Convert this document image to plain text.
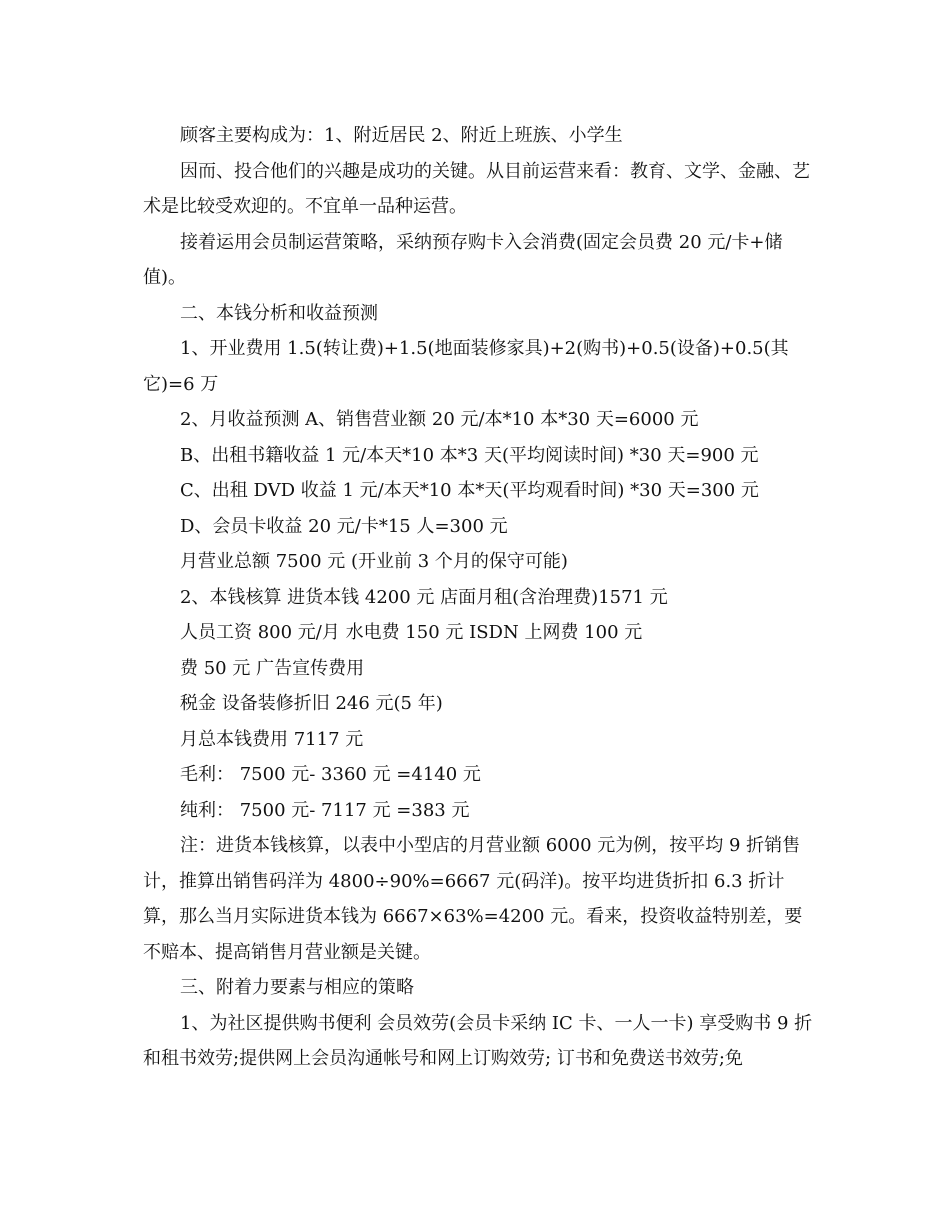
顾客主要构成为：1、附近居民 2、附近上班族、小学生

因而、投合他们的兴趣是成功的关键。从目前运营来看：教育、文学、金融、艺术是比较受欢迎的。不宜单一品种运营。

接着运用会员制运营策略，采纳预存购卡入会消费(固定会员费 20 元/卡+储值)。

二、本钱分析和收益预测

1、开业费用 1.5(转让费)+1.5(地面装修家具)+2(购书)+0.5(设备)+0.5(其它)=6 万

2、月收益预测 A、销售营业额 20 元/本*10 本*30 天=6000 元

B、出租书籍收益 1 元/本天*10 本*3 天(平均阅读时间) *30 天=900 元

C、出租 DVD 收益 1 元/本天*10 本*天(平均观看时间) *30 天=300 元

D、会员卡收益 20 元/卡*15 人=300 元

月营业总额 7500 元 (开业前 3 个月的保守可能)

2、本钱核算 进货本钱 4200 元 店面月租(含治理费)1571 元

人员工资 800 元/月 水电费 150 元 ISDN 上网费 100 元

费 50 元 广告宣传费用

税金 设备装修折旧 246 元(5 年)

月总本钱费用 7117 元

毛利： 7500 元- 3360 元 =4140 元

纯利： 7500 元- 7117 元 =383 元

注：进货本钱核算，以表中小型店的月营业额 6000 元为例，按平均 9 折销售计，推算出销售码洋为 4800÷90%=6667 元(码洋)。按平均进货折扣 6.3 折计算，那么当月实际进货本钱为 6667×63%=4200 元。看来，投资收益特别差，要不赔本、提高销售月营业额是关键。

三、附着力要素与相应的策略

1、为社区提供购书便利 会员效劳(会员卡采纳 IC 卡、一人一卡) 享受购书 9 折 和租书效劳;提供网上会员沟通帐号和网上订购效劳; 订书和免费送书效劳;免
